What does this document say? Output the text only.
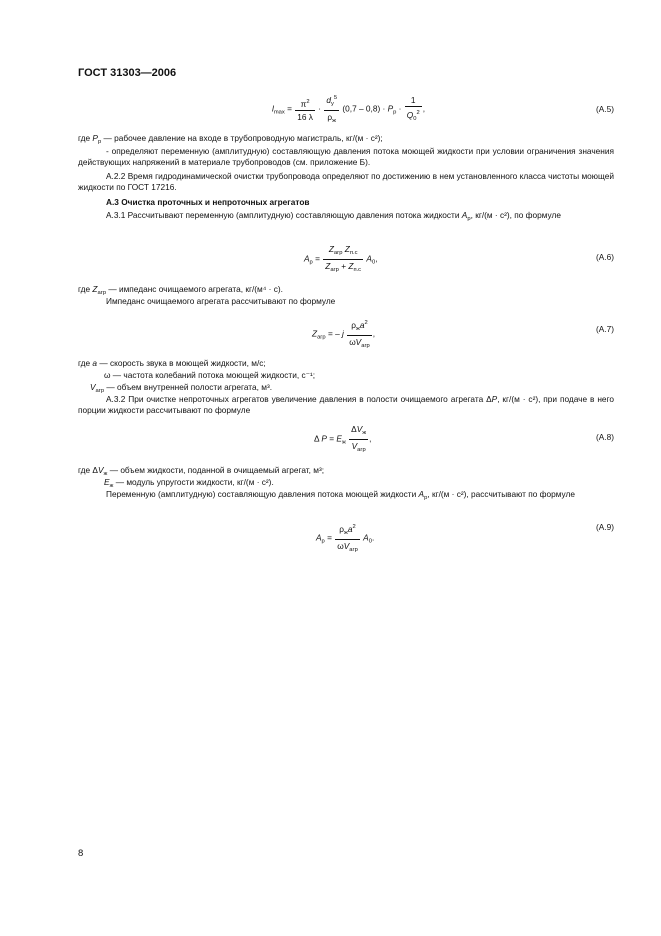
ГОСТ 31303—2006
$l_{max} = \frac{\pi^2}{16 \lambda} \cdot \frac{d_y^5}{\rho_ж} (0,7 - 0,8) \cdot P_p \cdot \frac{1}{Q_0^2}$ ,	(А.5)
где $P_p$ — рабочее давление на входе в трубопроводную магистраль, кг/(м · с²);
- определяют переменную (амплитудную) составляющую давления потока моющей жидкости при условии ограничения значения действующих напряжений в материале трубопроводов (см. приложение Б).
А.2.2 Время гидродинамической очистки трубопровода определяют по достижению в нем установленного класса чистоты моющей жидкости по ГОСТ 17216.
А.3 Очистка проточных и непроточных агрегатов
А.3.1 Рассчитывают переменную (амплитудную) составляющую давления потока жидкости $A_p$, кг/(м · с²), по формуле
$A_p = \frac{Z_{агр} Z_{п.с}}{Z_{агр} + Z_{п.с}} A_0$,	(А.6)
где $Z_{агр}$ — импеданс очищаемого агрегата, кг/(м⁴ · с).
Импеданс очищаемого агрегата рассчитывают по формуле
$Z_{агр}$ = – j $\frac{\rho_жa^2}{\omega V_{агр}}$ ,	(А.7)
где a — скорость звука в моющей жидкости, м/с;
ω — частота колебаний потока моющей жидкости, с⁻¹;
$V_{агр}$ — объем внутренней полости агрегата, м³.
А.3.2 При очистке непроточных агрегатов увеличение давления в полости очищаемого агрегата ΔP, кг/(м · с²), при подаче в него порции жидкости рассчитывают по формуле
Δ $P = E_ж \frac{\Delta V_ж}{V_{агр}}$ ,	(А.8)
где $\Delta V_ж$ — объем жидкости, поданной в очищаемый агрегат, м³;
$E_ж$ — модуль упругости жидкости, кг/(м · с²).
Переменную (амплитудную) составляющую давления потока моющей жидкости $A_p$, кг/(м · с²), рассчитывают по формуле
$A_p = \frac{\rho_жa^2}{\omega V_{агр}} A_0$.
(А.9)
8
